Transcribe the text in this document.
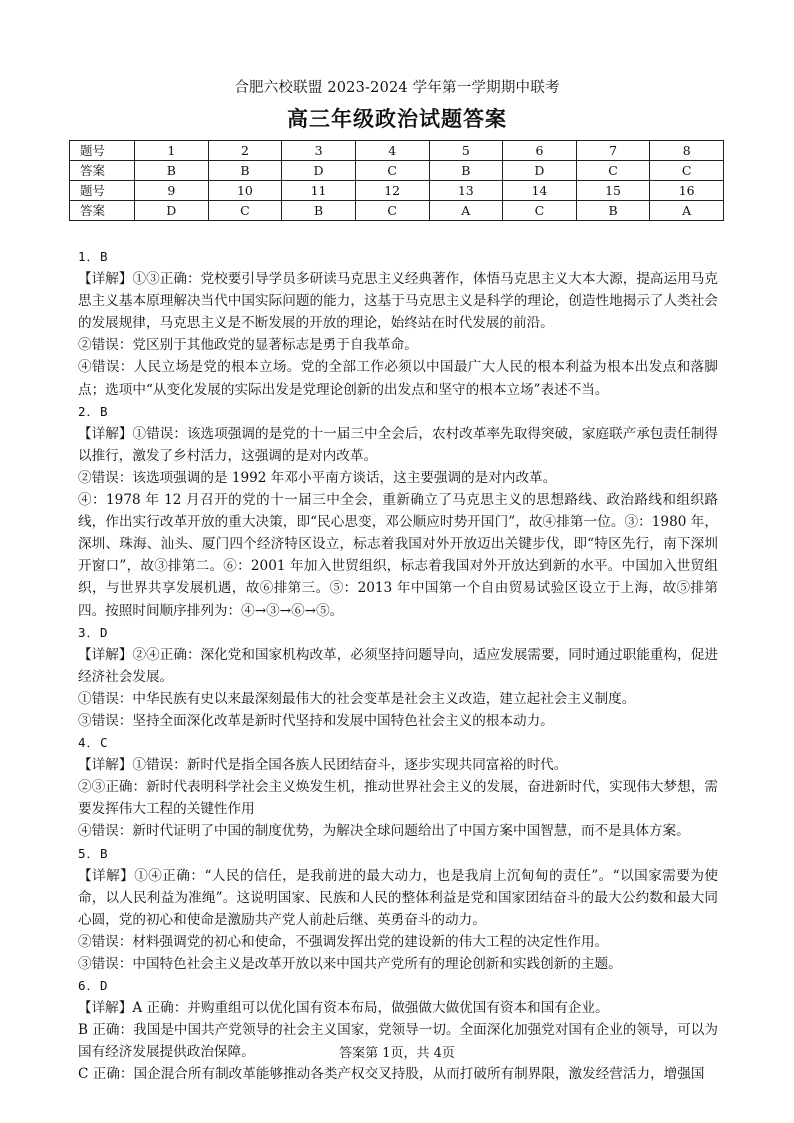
合肥六校联盟 2023-2024 学年第一学期期中联考
高三年级政治试题答案
题号	1	2	3	4	5	6	7	8
答案	B	B	D	C	B	D	C	C
题号	9	10	11	12	13	14	15	16
答案	D	C	B	C	A	C	B	A

1．B

【详解】①③正确：党校要引导学员多研读马克思主义经典著作，体悟马克思主义大本大源，提高运用马克思主义基本原理解决当代中国实际问题的能力，这基于马克思主义是科学的理论，创造性地揭示了人类社会的发展规律，马克思主义是不断发展的开放的理论，始终站在时代发展的前沿。

②错误：党区别于其他政党的显著标志是勇于自我革命。

④错误：人民立场是党的根本立场。党的全部工作必须以中国最广大人民的根本利益为根本出发点和落脚点；选项中“从变化发展的实际出发是党理论创新的出发点和坚守的根本立场”表述不当。

2．B

【详解】①错误：该选项强调的是党的十一届三中全会后，农村改革率先取得突破，家庭联产承包责任制得以推行，激发了乡村活力，这强调的是对内改革。

②错误：该选项强调的是 1992 年邓小平南方谈话，这主要强调的是对内改革。

④：1978 年 12 月召开的党的十一届三中全会，重新确立了马克思主义的思想路线、政治路线和组织路线，作出实行改革开放的重大决策，即“民心思变，邓公顺应时势开国门”，故④排第一位。③：1980 年，深圳、珠海、汕头、厦门四个经济特区设立，标志着我国对外开放迈出关键步伐，即“特区先行，南下深圳开窗口”，故③排第二。⑥：2001 年加入世贸组织，标志着我国对外开放达到新的水平。中国加入世贸组织，与世界共享发展机遇，故⑥排第三。⑤：2013 年中国第一个自由贸易试验区设立于上海，故⑤排第四。按照时间顺序排列为：④→③→⑥→⑤。

3．D

【详解】②④正确：深化党和国家机构改革，必须坚持问题导向，适应发展需要，同时通过职能重构，促进经济社会发展。

①错误：中华民族有史以来最深刻最伟大的社会变革是社会主义改造，建立起社会主义制度。

③错误：坚持全面深化改革是新时代坚持和发展中国特色社会主义的根本动力。

4．C

【详解】①错误：新时代是指全国各族人民团结奋斗，逐步实现共同富裕的时代。

②③正确：新时代表明科学社会主义焕发生机，推动世界社会主义的发展，奋进新时代，实现伟大梦想，需要发挥伟大工程的关键性作用

④错误：新时代证明了中国的制度优势，为解决全球问题给出了中国方案中国智慧，而不是具体方案。

5．B

【详解】①④正确：“人民的信任，是我前进的最大动力，也是我肩上沉甸甸的责任”。“以国家需要为使命，以人民利益为准绳”。这说明国家、民族和人民的整体利益是党和国家团结奋斗的最大公约数和最大同心圆，党的初心和使命是激励共产党人前赴后继、英勇奋斗的动力。

②错误：材料强调党的初心和使命，不强调发挥出党的建设新的伟大工程的决定性作用。

③错误：中国特色社会主义是改革开放以来中国共产党所有的理论创新和实践创新的主题。

6．D

【详解】A 正确：并购重组可以优化国有资本布局，做强做大做优国有资本和国有企业。

B 正确：我国是中国共产党领导的社会主义国家，党领导一切。全面深化加强党对国有企业的领导，可以为国有经济发展提供政治保障。

C 正确：国企混合所有制改革能够推动各类产权交叉持股，从而打破所有制界限，激发经营活力，增强国

答案第 1页，共 4页
